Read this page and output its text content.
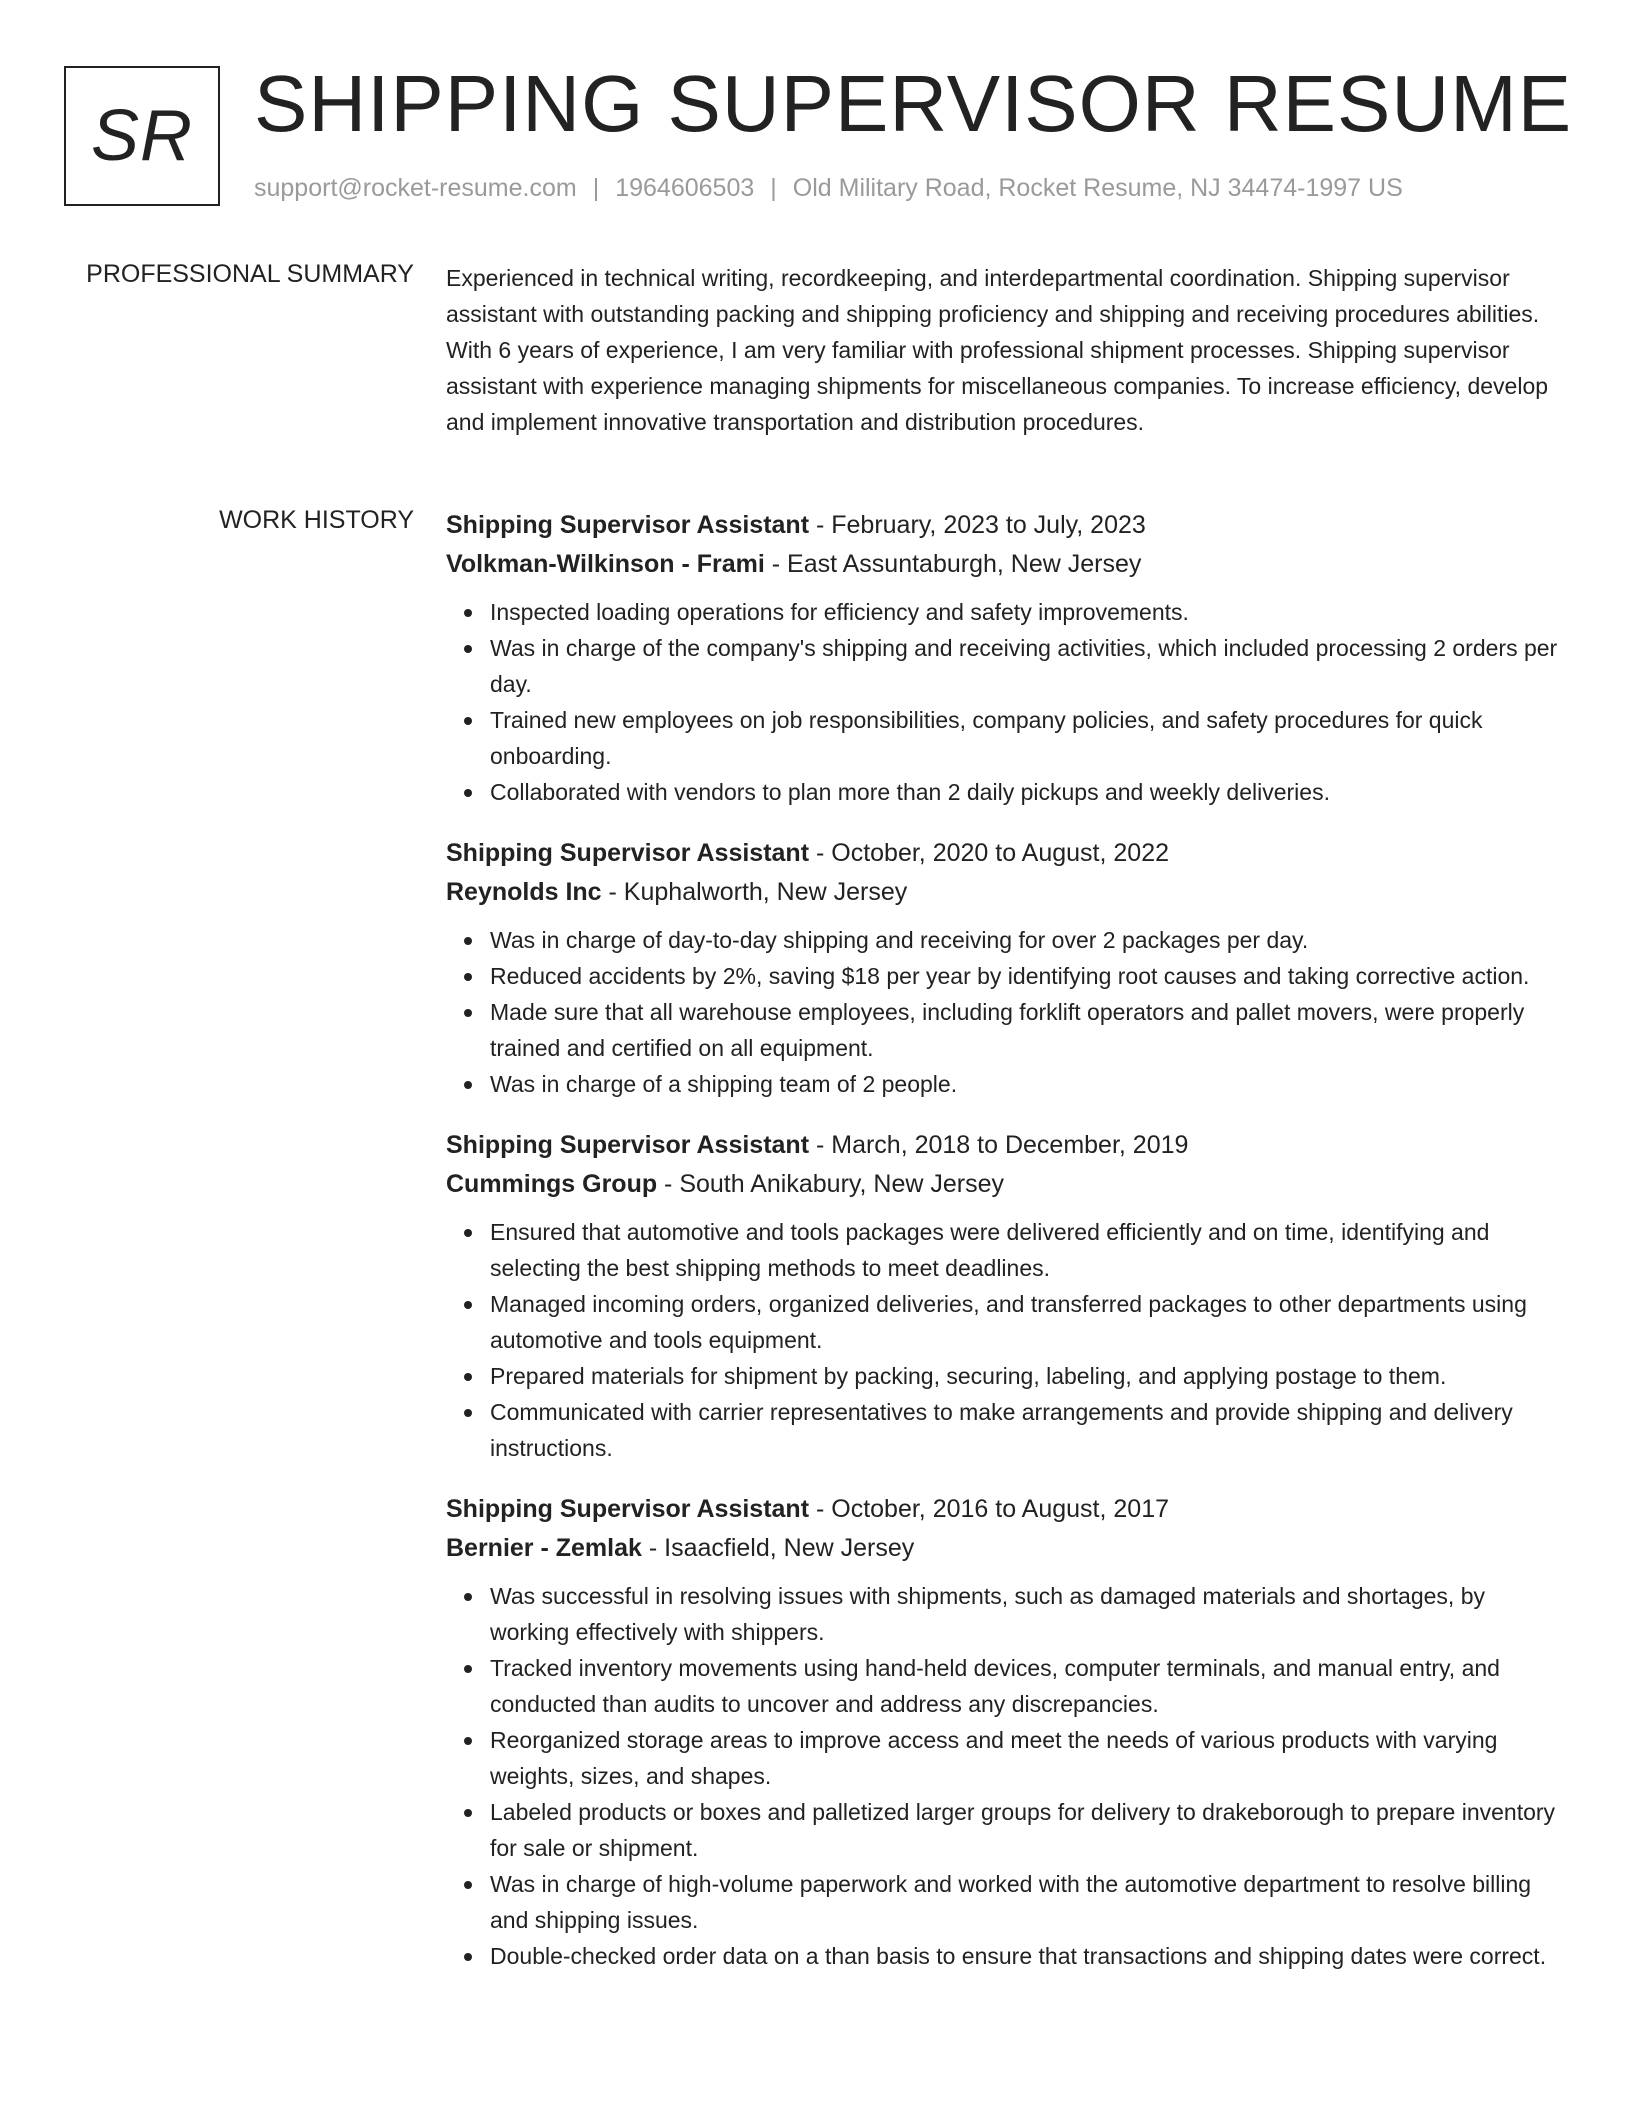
SR SHIPPING SUPERVISOR RESUME
support@rocket-resume.com | 1964606503 | Old Military Road, Rocket Resume, NJ 34474-1997 US
PROFESSIONAL SUMMARY Experienced in technical writing, recordkeeping, and interdepartmental coordination. Shipping supervisor assistant with outstanding packing and shipping proficiency and shipping and receiving procedures abilities. With 6 years of experience, I am very familiar with professional shipment processes. Shipping supervisor assistant with experience managing shipments for miscellaneous companies. To increase efficiency, develop and implement innovative transportation and distribution procedures.

WORK HISTORY Shipping Supervisor Assistant - February, 2023 to July, 2023
Volkman-Wilkinson - Frami - East Assuntaburgh, New Jersey
Inspected loading operations for efficiency and safety improvements.
Was in charge of the company's shipping and receiving activities, which included processing 2 orders per day.
Trained new employees on job responsibilities, company policies, and safety procedures for quick onboarding.
Collaborated with vendors to plan more than 2 daily pickups and weekly deliveries.
Shipping Supervisor Assistant - October, 2020 to August, 2022
Reynolds Inc - Kuphalworth, New Jersey
Was in charge of day-to-day shipping and receiving for over 2 packages per day.
Reduced accidents by 2%, saving $18 per year by identifying root causes and taking corrective action.
Made sure that all warehouse employees, including forklift operators and pallet movers, were properly trained and certified on all equipment.
Was in charge of a shipping team of 2 people.
Shipping Supervisor Assistant - March, 2018 to December, 2019
Cummings Group - South Anikabury, New Jersey
Ensured that automotive and tools packages were delivered efficiently and on time, identifying and selecting the best shipping methods to meet deadlines.
Managed incoming orders, organized deliveries, and transferred packages to other departments using automotive and tools equipment.
Prepared materials for shipment by packing, securing, labeling, and applying postage to them.
Communicated with carrier representatives to make arrangements and provide shipping and delivery instructions.
Shipping Supervisor Assistant - October, 2016 to August, 2017
Bernier - Zemlak - Isaacfield, New Jersey
Was successful in resolving issues with shipments, such as damaged materials and shortages, by working effectively with shippers.
Tracked inventory movements using hand-held devices, computer terminals, and manual entry, and conducted than audits to uncover and address any discrepancies.
Reorganized storage areas to improve access and meet the needs of various products with varying weights, sizes, and shapes.
Labeled products or boxes and palletized larger groups for delivery to drakeborough to prepare inventory for sale or shipment.
Was in charge of high-volume paperwork and worked with the automotive department to resolve billing and shipping issues.
Double-checked order data on a than basis to ensure that transactions and shipping dates were correct.
